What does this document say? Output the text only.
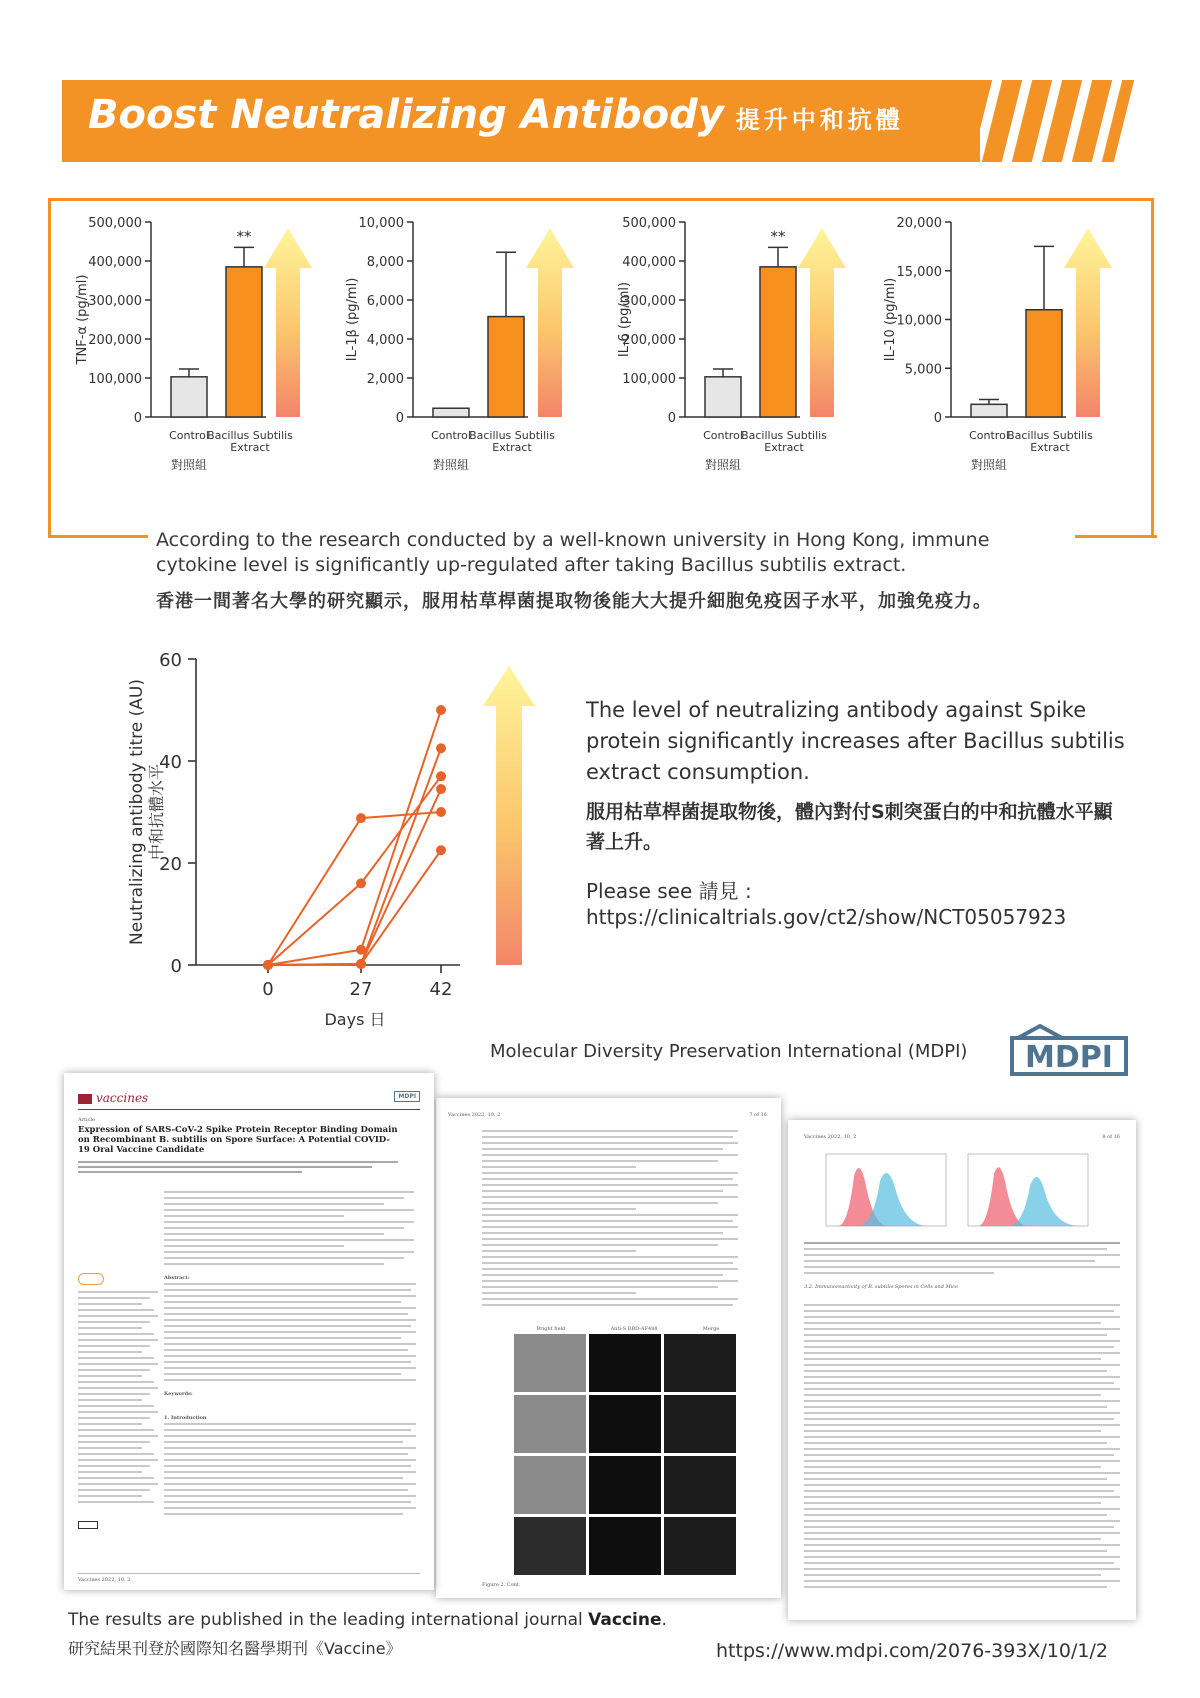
Boost Neutralizing Antibody 提升中和抗體
500,000
400,000
300,000
200,000
100,000
0
TNF-α (pg/ml)
**
Control
Bacillus Subtilis
Extract
對照組
10,000
8,000
6,000
4,000
2,000
0
IL-1β (pg/ml)
Control
Bacillus Subtilis
Extract
對照組
500,000
400,000
300,000
200,000
100,000
0
IL-6 (pg/ml)
**
Control
Bacillus Subtilis
Extract
對照組
20,000
15,000
10,000
5,000
0
IL-10 (pg/ml)
Control
Bacillus Subtilis
Extract
對照組
According to the research conducted by a well-known university in Hong Kong, immune cytokine level is significantly up-regulated after taking Bacillus subtilis extract.
香港一間著名大學的研究顯示，服用枯草桿菌提取物後能大大提升細胞免疫因子水平，加強免疫力。
60
40
20
0
0	27	42
Days 日
Neutralizing antibody titre (AU) 中和抗體水平
The level of neutralizing antibody against Spike protein significantly increases after Bacillus subtilis extract consumption.
服用枯草桿菌提取物後，體內對付S刺突蛋白的中和抗體水平顯著上升。
Please see 請見 :
https://clinicaltrials.gov/ct2/show/NCT05057923
Molecular Diversity Preservation International (MDPI) MDPI
Vaccines 2022, 10, 2	8 of 16
3.2. Immunoreactivity of B. subtilis Spores in Cells and Mice
Vaccines 2022, 10, 2	7 of 16
Bright field	Anti-S RBD-AF488	Merge
Figure 2. Cont.
vaccines	MDPI
Article
Expression of SARS-CoV-2 Spike Protein Receptor Binding Domain on Recombinant B. subtilis on Spore Surface: A Potential COVID-19 Oral Vaccine Candidate
Abstract:
Keywords:
1. Introduction
Vaccines 2022, 10, 2
The results are published in the leading international journal Vaccine.
研究結果刊登於國際知名醫學期刊《Vaccine》	https://www.mdpi.com/2076-393X/10/1/2
